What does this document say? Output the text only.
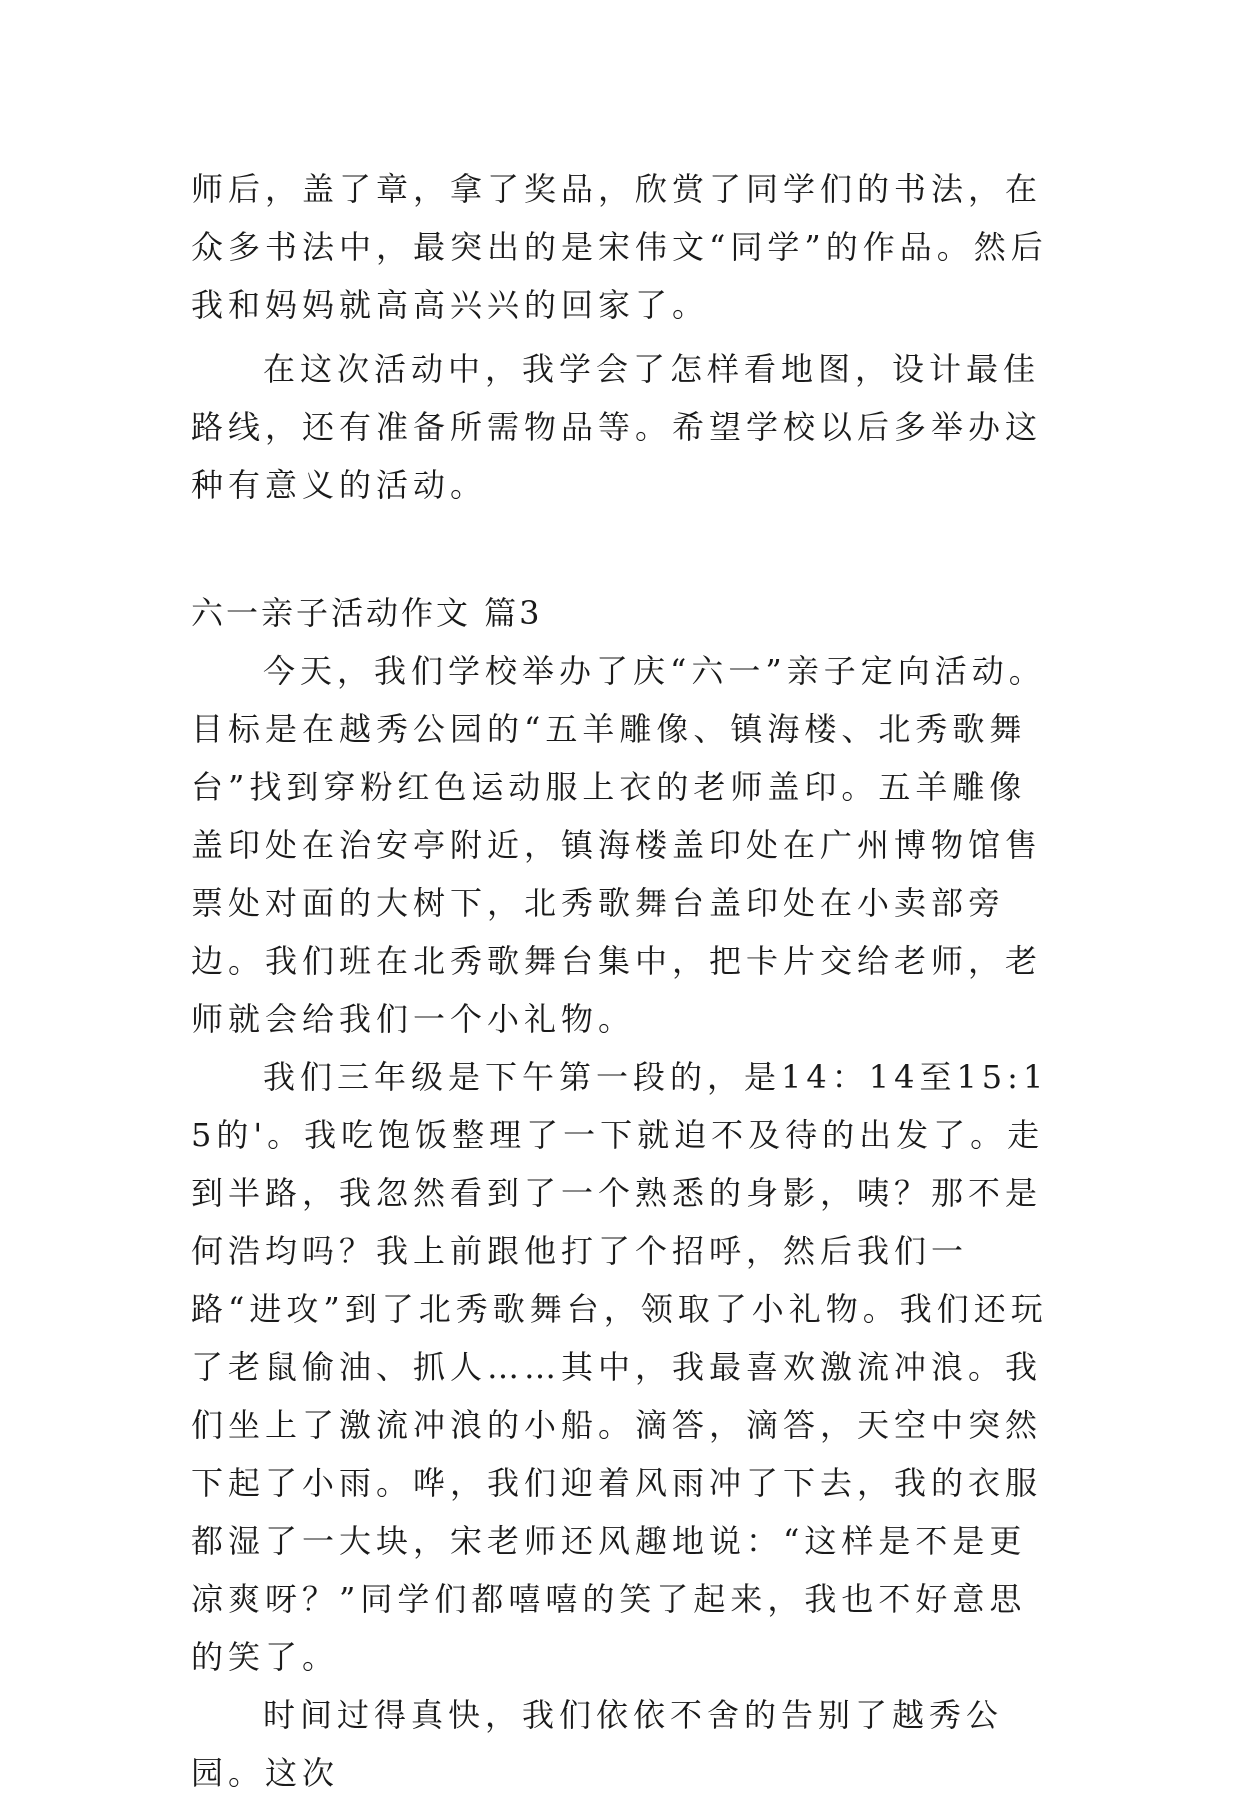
师后，盖了章，拿了奖品，欣赏了同学们的书法，在众多书法中，最突出的是宋伟文“同学”的作品。然后我和妈妈就高高兴兴的回家了。

在这次活动中，我学会了怎样看地图，设计最佳路线，还有准备所需物品等。希望学校以后多举办这种有意义的活动。

六一亲子活动作文 篇3

今天，我们学校举办了庆“六一”亲子定向活动。目标是在越秀公园的“五羊雕像、镇海楼、北秀歌舞台”找到穿粉红色运动服上衣的老师盖印。五羊雕像盖印处在治安亭附近，镇海楼盖印处在广州博物馆售票处对面的大树下，北秀歌舞台盖印处在小卖部旁边。我们班在北秀歌舞台集中，把卡片交给老师，老师就会给我们一个小礼物。

我们三年级是下午第一段的，是14：14至15:15的'。我吃饱饭整理了一下就迫不及待的出发了。走到半路，我忽然看到了一个熟悉的身影，咦？那不是何浩均吗？我上前跟他打了个招呼，然后我们一路“进攻”到了北秀歌舞台，领取了小礼物。我们还玩了老鼠偷油、抓人……其中，我最喜欢激流冲浪。我们坐上了激流冲浪的小船。滴答，滴答，天空中突然下起了小雨。哗，我们迎着风雨冲了下去，我的衣服都湿了一大块，宋老师还风趣地说：“这样是不是更凉爽呀？”同学们都嘻嘻的笑了起来，我也不好意思的笑了。

时间过得真快，我们依依不舍的告别了越秀公园。这次
